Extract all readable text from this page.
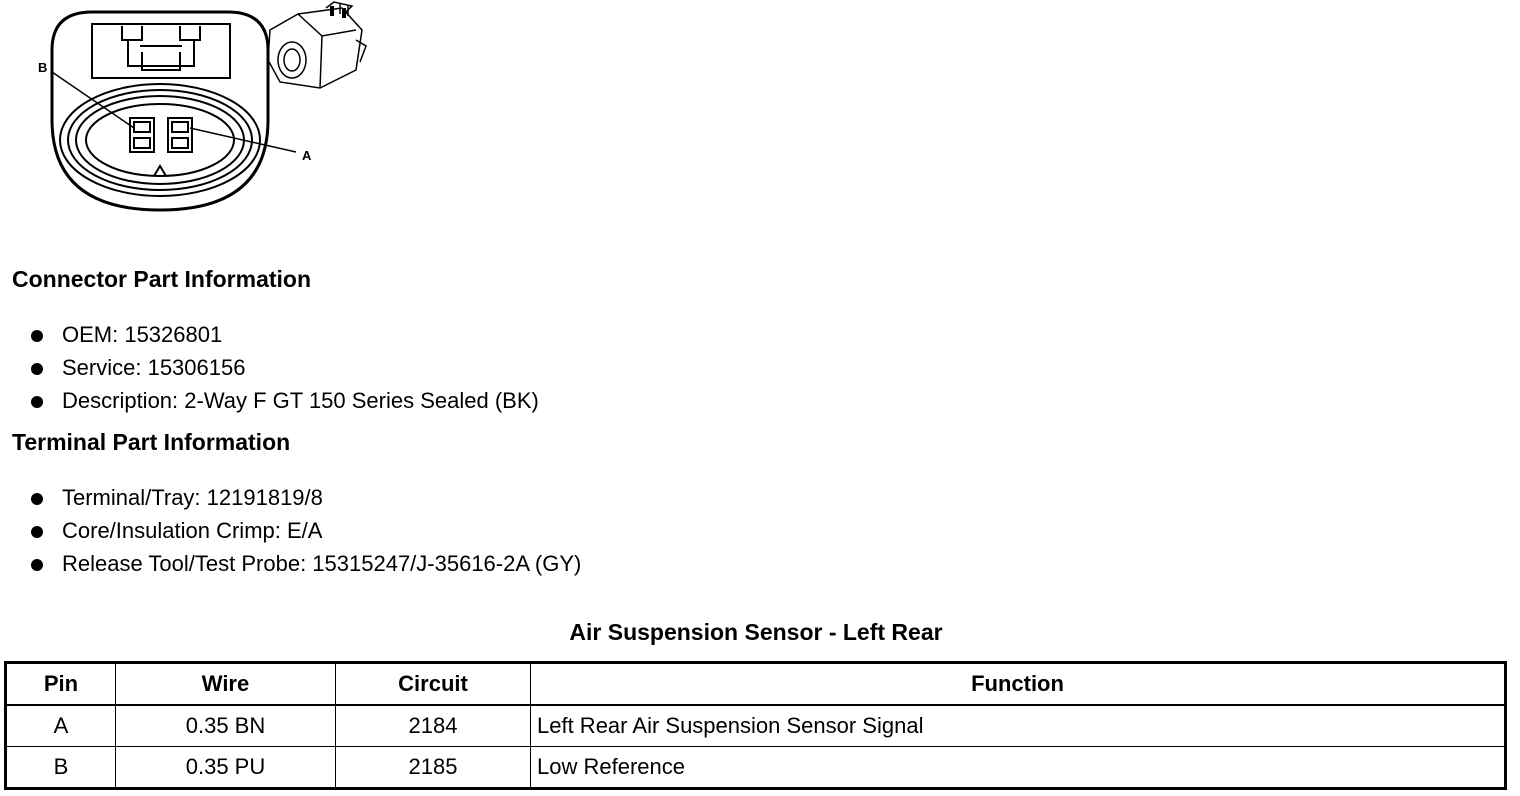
B
A
Connector Part Information
OEM: 15326801
Service: 15306156
Description: 2-Way F GT 150 Series Sealed (BK)
Terminal Part Information
Terminal/Tray: 12191819/8
Core/Insulation Crimp: E/A
Release Tool/Test Probe: 15315247/J-35616-2A (GY)
Air Suspension Sensor - Left Rear
Pin	Wire	Circuit	Function
A	0.35 BN	2184	Left Rear Air Suspension Sensor Signal
B	0.35 PU	2185	Low Reference
